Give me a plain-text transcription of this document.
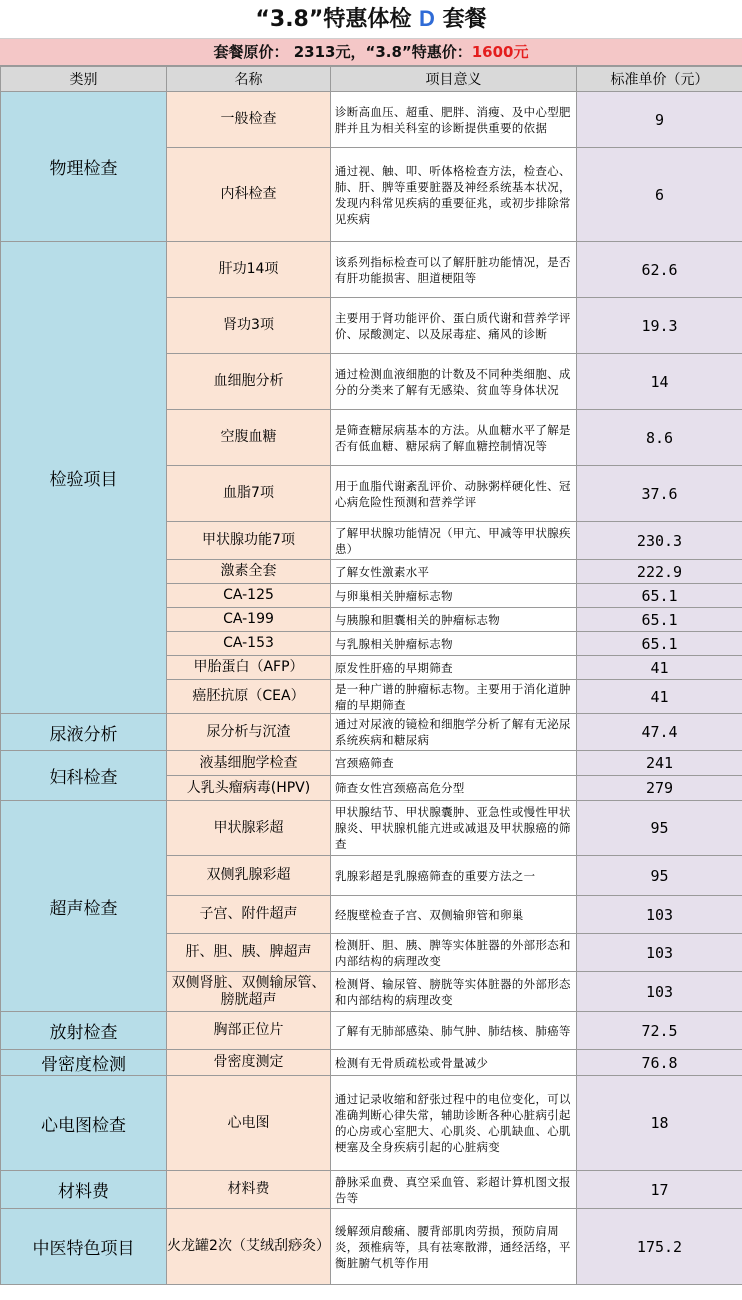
“3.8”特惠体检 D 套餐
套餐原价： 2313元，“3.8”特惠价：1600元
类别	名称	项目意义	标准单价（元）
物理检查	一般检查	诊断高血压、超重、肥胖、消瘦、及中心型肥胖并且为相关科室的诊断提供重要的依据	9
	内科检查	通过视、触、叩、听体格检查方法，检查心、肺、肝、脾等重要脏器及神经系统基本状况，发现内科常见疾病的重要征兆，或初步排除常见疾病	6
检验项目	肝功14项	该系列指标检查可以了解肝脏功能情况，是否有肝功能损害、胆道梗阻等	62.6
	肾功3项	主要用于肾功能评价、蛋白质代谢和营养学评价、尿酸测定、以及尿毒症、痛风的诊断	19.3
	血细胞分析	通过检测血液细胞的计数及不同种类细胞、成分的分类来了解有无感染、贫血等身体状况	14
	空腹血糖	是筛查糖尿病基本的方法。从血糖水平了解是否有低血糖、糖尿病了解血糖控制情况等	8.6
	血脂7项	用于血脂代谢紊乱评价、动脉粥样硬化性、冠心病危险性预测和营养学评	37.6
	甲状腺功能7项	了解甲状腺功能情况（甲亢、甲减等甲状腺疾患）	230.3
	激素全套	了解女性激素水平	222.9
	CA-125	与卵巢相关肿瘤标志物	65.1
	CA-199	与胰腺和胆囊相关的肿瘤标志物	65.1
	CA-153	与乳腺相关肿瘤标志物	65.1
	甲胎蛋白（AFP）	原发性肝癌的早期筛查	41
	癌胚抗原（CEA）	是一种广谱的肿瘤标志物。主要用于消化道肿瘤的早期筛查	41
尿液分析	尿分析与沉渣	通过对尿液的镜检和细胞学分析了解有无泌尿系统疾病和糖尿病	47.4
妇科检查	液基细胞学检查	宫颈癌筛查	241
	人乳头瘤病毒(HPV)	筛查女性宫颈癌高危分型	279
超声检查	甲状腺彩超	甲状腺结节、甲状腺囊肿、亚急性或慢性甲状腺炎、甲状腺机能亢进或减退及甲状腺癌的筛查	95
	双侧乳腺彩超	乳腺彩超是乳腺癌筛查的重要方法之一	95
	子宫、附件超声	经腹壁检查子宫、双侧输卵管和卵巢	103
	肝、胆、胰、脾超声	检测肝、胆、胰、脾等实体脏器的外部形态和内部结构的病理改变	103
	双侧肾脏、双侧输尿管、膀胱超声	检测肾、输尿管、膀胱等实体脏器的外部形态和内部结构的病理改变	103
放射检查	胸部正位片	了解有无肺部感染、肺气肿、肺结核、肺癌等	72.5
骨密度检测	骨密度测定	检测有无骨质疏松或骨量减少	76.8
心电图检查	心电图	通过记录收缩和舒张过程中的电位变化，可以准确判断心律失常，辅助诊断各种心脏病引起的心房或心室肥大、心肌炎、心肌缺血、心肌梗塞及全身疾病引起的心脏病变	18
材料费	材料费	静脉采血费、真空采血管、彩超计算机图文报告等	17
中医特色项目	火龙罐2次（艾绒刮痧灸）	缓解颈肩酸痛、腰背部肌肉劳损，预防肩周炎，颈椎病等，具有祛寒散滞，通经活络，平衡脏腑气机等作用	175.2
